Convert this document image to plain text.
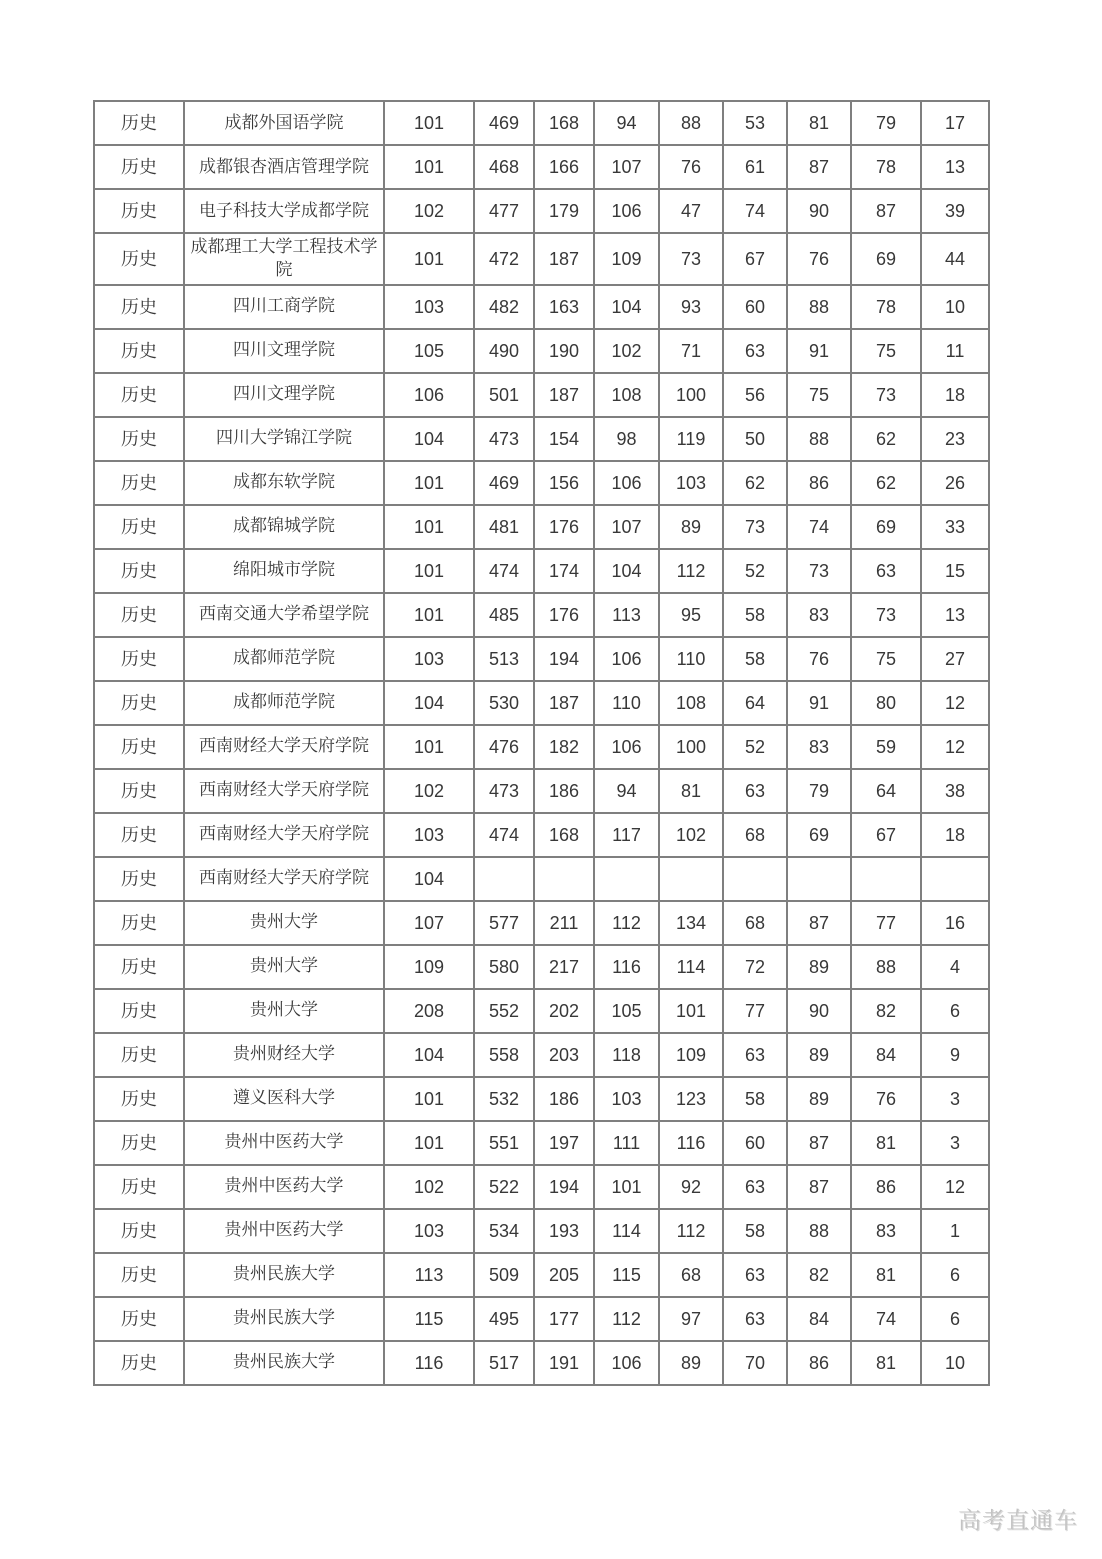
历史	成都外国语学院	101	469	168	94	88	53	81	79	17
历史	成都银杏酒店管理学院	101	468	166	107	76	61	87	78	13
历史	电子科技大学成都学院	102	477	179	106	47	74	90	87	39
历史	成都理工大学工程技术学院	101	472	187	109	73	67	76	69	44
历史	四川工商学院	103	482	163	104	93	60	88	78	10
历史	四川文理学院	105	490	190	102	71	63	91	75	11
历史	四川文理学院	106	501	187	108	100	56	75	73	18
历史	四川大学锦江学院	104	473	154	98	119	50	88	62	23
历史	成都东软学院	101	469	156	106	103	62	86	62	26
历史	成都锦城学院	101	481	176	107	89	73	74	69	33
历史	绵阳城市学院	101	474	174	104	112	52	73	63	15
历史	西南交通大学希望学院	101	485	176	113	95	58	83	73	13
历史	成都师范学院	103	513	194	106	110	58	76	75	27
历史	成都师范学院	104	530	187	110	108	64	91	80	12
历史	西南财经大学天府学院	101	476	182	106	100	52	83	59	12
历史	西南财经大学天府学院	102	473	186	94	81	63	79	64	38
历史	西南财经大学天府学院	103	474	168	117	102	68	69	67	18
历史	西南财经大学天府学院	104								
历史	贵州大学	107	577	211	112	134	68	87	77	16
历史	贵州大学	109	580	217	116	114	72	89	88	4
历史	贵州大学	208	552	202	105	101	77	90	82	6
历史	贵州财经大学	104	558	203	118	109	63	89	84	9
历史	遵义医科大学	101	532	186	103	123	58	89	76	3
历史	贵州中医药大学	101	551	197	111	116	60	87	81	3
历史	贵州中医药大学	102	522	194	101	92	63	87	86	12
历史	贵州中医药大学	103	534	193	114	112	58	88	83	1
历史	贵州民族大学	113	509	205	115	68	63	82	81	6
历史	贵州民族大学	115	495	177	112	97	63	84	74	6
历史	贵州民族大学	116	517	191	106	89	70	86	81	10
高考直通车
